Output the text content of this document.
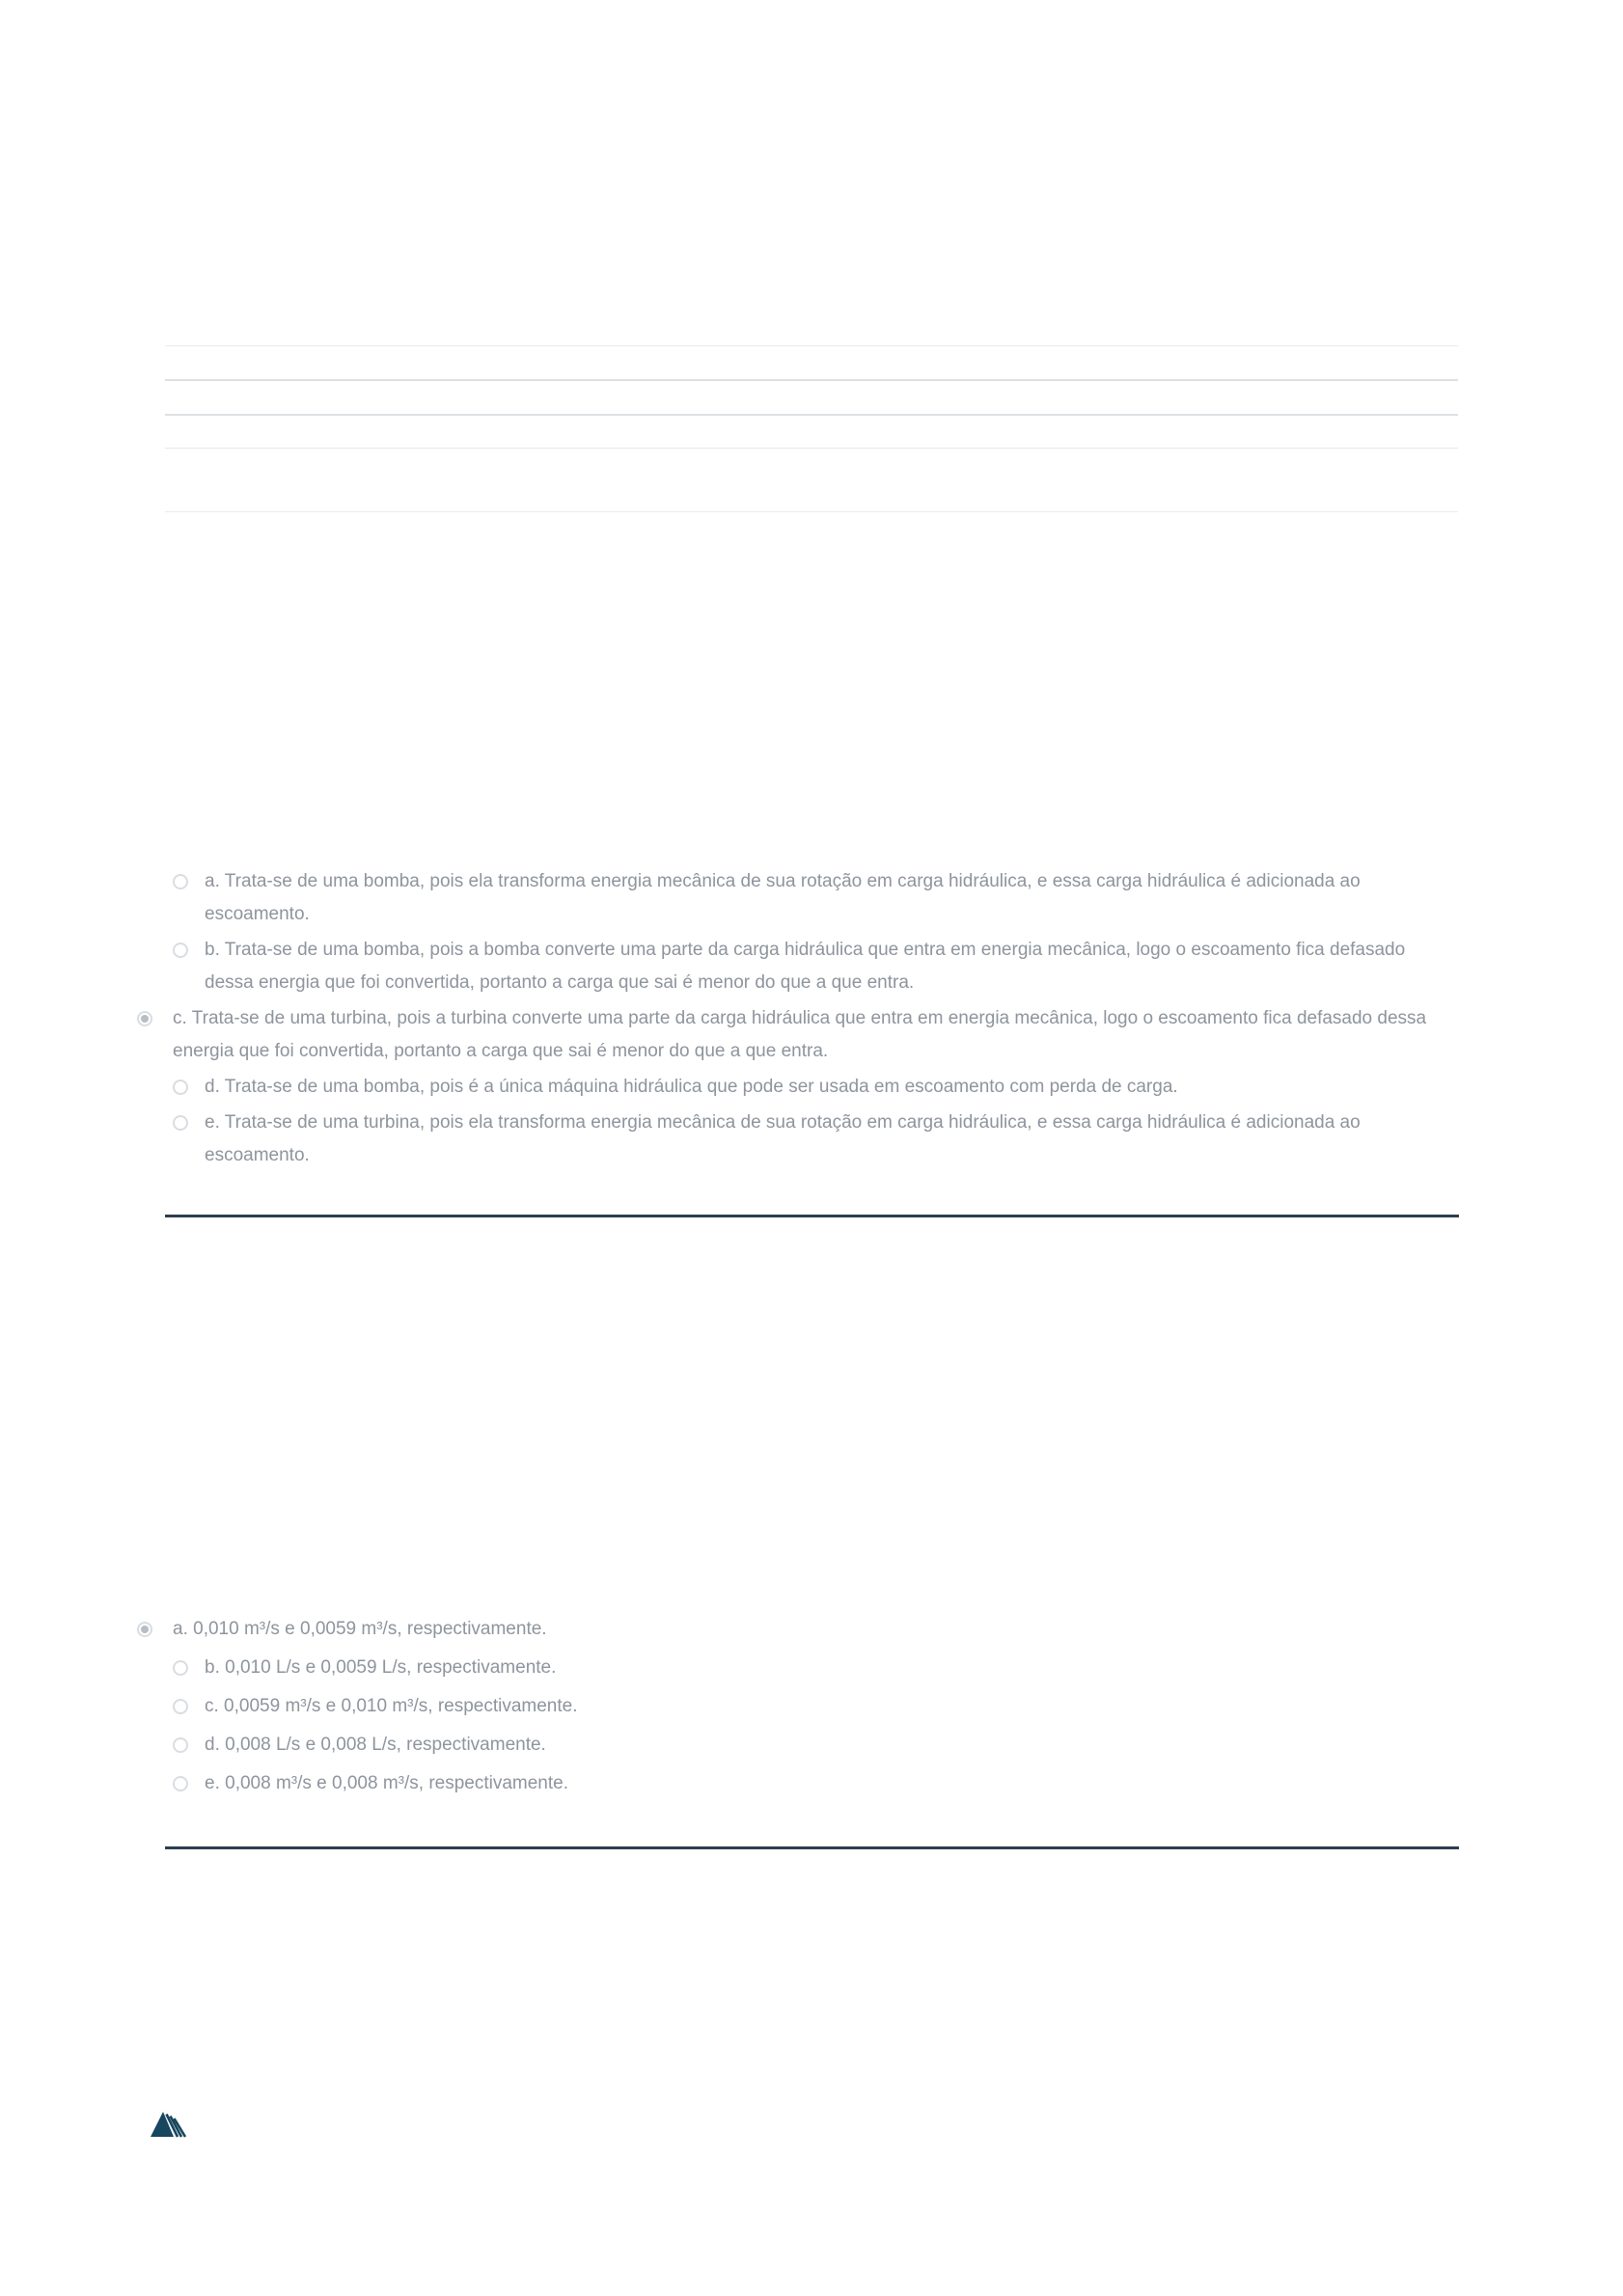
a. Trata-se de uma bomba, pois ela transforma energia mecânica de sua rotação em carga hidráulica, e essa carga hidráulica é adicionada ao escoamento.
b. Trata-se de uma bomba, pois a bomba converte uma parte da carga hidráulica que entra em energia mecânica, logo o escoamento fica defasado dessa energia que foi convertida, portanto a carga que sai é menor do que a que entra.
c. Trata-se de uma turbina, pois a turbina converte uma parte da carga hidráulica que entra em energia mecânica, logo o escoamento fica defasado dessa energia que foi convertida, portanto a carga que sai é menor do que a que entra.
d. Trata-se de uma bomba, pois é a única máquina hidráulica que pode ser usada em escoamento com perda de carga.
e. Trata-se de uma turbina, pois ela transforma energia mecânica de sua rotação em carga hidráulica, e essa carga hidráulica é adicionada ao escoamento.
a. 0,010 m³/s e 0,0059 m³/s, respectivamente.
b. 0,010 L/s e 0,0059 L/s, respectivamente.
c. 0,0059 m³/s e 0,010 m³/s, respectivamente.
d. 0,008 L/s e 0,008 L/s, respectivamente.
e. 0,008 m³/s e 0,008 m³/s, respectivamente.
